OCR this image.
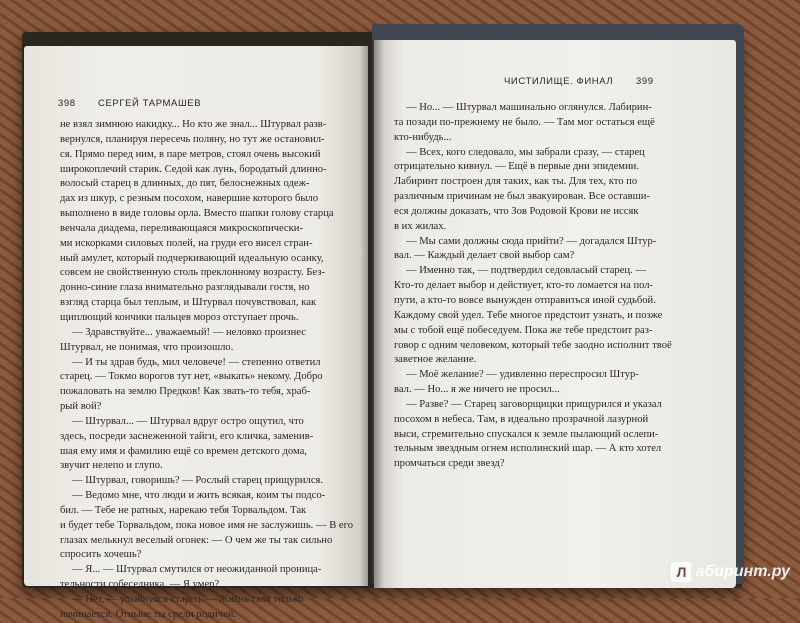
398 СЕРГЕЙ ТАРМАШЕВ
не взял зимнюю накидку... Но кто же знал... Штурвал разв-
вернулся, планируя пересечь поляну, но тут же остановил-
ся. Прямо перед ним, в паре метров, стоял очень высокий
широкоплечий старик. Седой как лунь, бородатый длинно-
волосый старец в длинных, до пят, белоснежных одеж-
дах из шкур, с резным посохом, навершие которого было
выполнено в виде головы орла. Вместо шапки голову старца
венчала диадема, переливающаяся микроскопически-
ми искорками силовых полей, на груди его висел стран-
ный амулет, который подчеркивающий идеальную осанку,
совсем не свойственную столь преклонному возрасту. Без-
донно-синие глаза внимательно разглядывали гостя, но
взгляд старца был теплым, и Штурвал почувствовал, как
щиплющий кончики пальцев мороз отступает прочь.
— Здравствуйте... уважаемый! — неловко произнес
Штурвал, не понимая, что произошло.
— И ты здрав будь, мил человече! — степенно ответил
старец. — Токмо ворогов тут нет, «выкать» некому. Добро
пожаловать на землю Предков! Как звать-то тебя, храб-
рый вой?
— Штурвал... — Штурвал вдруг остро ощутил, что
здесь, посреди заснеженной тайги, его кличка, заменив-
шая ему имя и фамилию ещё со времен детского дома,
звучит нелепо и глупо.
— Штурвал, говоришь? — Рослый старец прищурился.
— Ведомо мне, что люди и жить всякая, коим ты подсо-
бил. — Тебе не ратных, нарекаю тебя Торвальдом. Так
и будет тебе Торвальдом, пока новое имя не заслужишь. — В его
глазах мелькнул веселый огонек: — О чем же ты так сильно
спросить хочешь?
— Я... — Штурвал смутился от неожиданной проница-
тельности собеседника. — Я умер?
— Нет, — улыбнулся старец. — Жизнь твоя только
начинается. Отныне ты среди родичей.
ЧИСТИЛИЩЕ. ФИНАЛ 399
— Но... — Штурвал машинально оглянулся. Лабирин-
та позади по-прежнему не было. — Там мог остаться ещё
кто-нибудь...
— Всех, кого следовало, мы забрали сразу, — старец
отрицательно кивнул. — Ещё в первые дни эпидемии.
Лабиринт построен для таких, как ты. Для тех, кто по
различным причинам не был эвакуирован. Все оставши-
еся должны доказать, что Зов Родовой Крови не иссяк
в их жилах.
— Мы сами должны сюда прийти? — догадался Штур-
вал. — Каждый делает свой выбор сам?
— Именно так, — подтвердил седовласый старец. —
Кто-то делает выбор и действует, кто-то ломается на пол-
пути, а кто-то вовсе вынужден отправиться иной судьбой.
Каждому свой удел. Тебе многое предстоит узнать, и позже
мы с тобой ещё побеседуем. Пока же тебе предстоит раз-
говор с одним человеком, который тебе заодно исполнит твоё
заветное желание.
— Моё желание? — удивленно переспросил Штур-
вал. — Но... я же ничего не просил...
— Разве? — Старец заговорщицки прищурился и указал
посохом в небеса. Там, в идеально прозрачной лазурной
выси, стремительно спускался к земле пылающий ослепи-
тельным звездным огнем исполинский шар. — А кто хотел
промчаться среди звезд?
Л абиринт.ру
